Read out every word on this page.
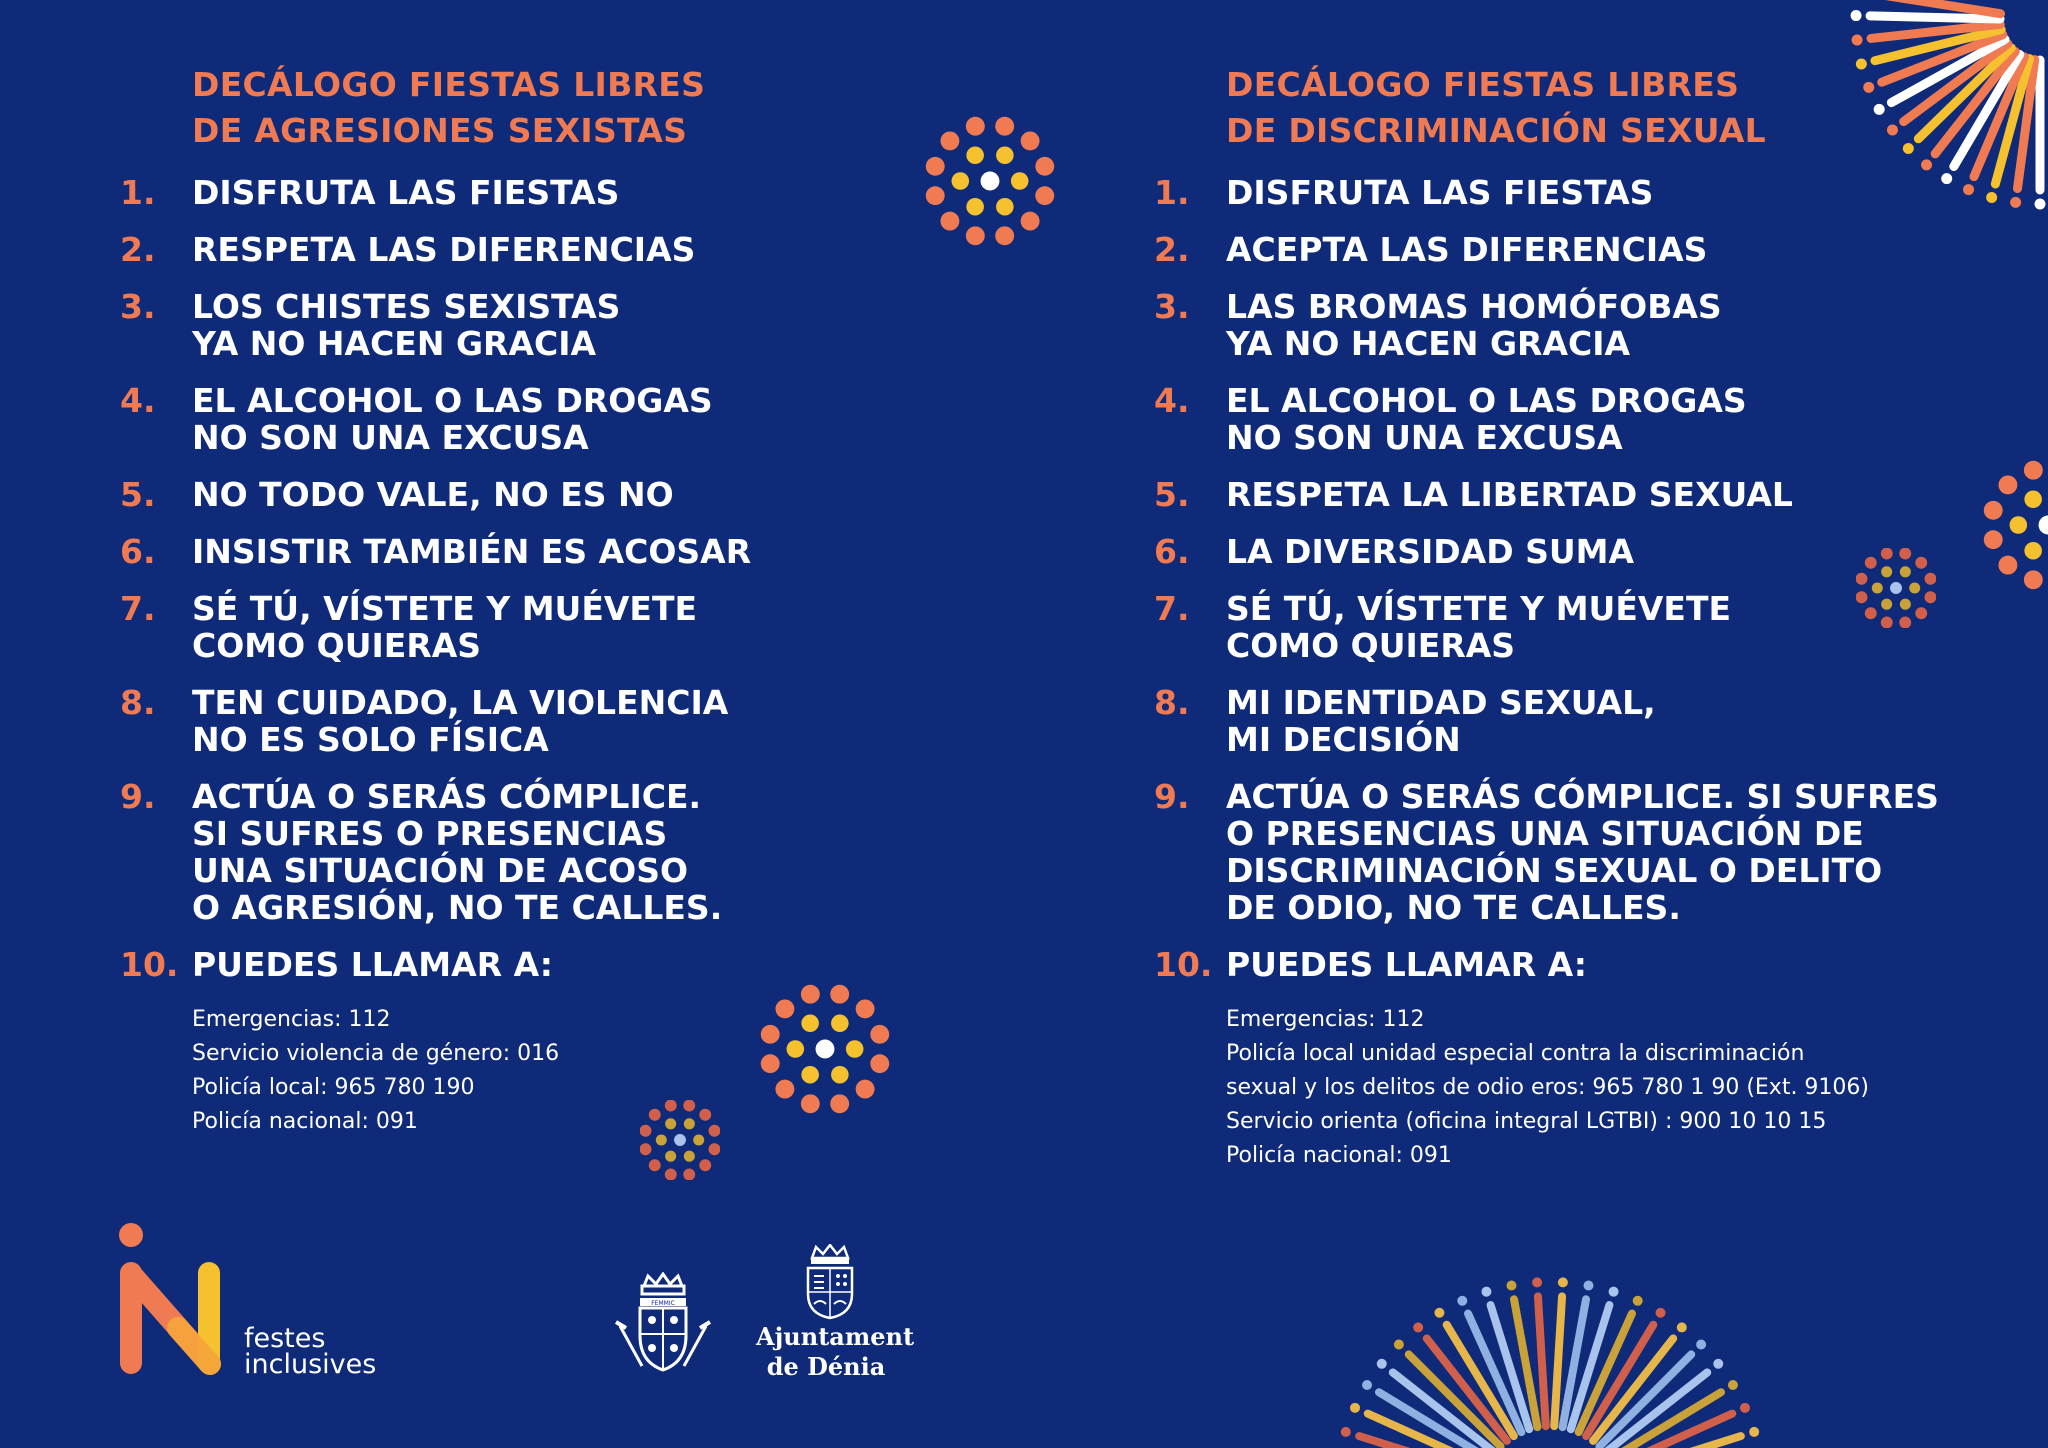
DECÁLOGO FIESTAS LIBRES
DE AGRESIONES SEXISTAS
1.	DISFRUTA LAS FIESTAS
2.	RESPETA LAS DIFERENCIAS
3.	LOS CHISTES SEXISTAS
YA NO HACEN GRACIA
4.	EL ALCOHOL O LAS DROGAS
NO SON UNA EXCUSA
5.	NO TODO VALE, NO ES NO
6.	INSISTIR TAMBIÉN ES ACOSAR
7.	SÉ TÚ, VÍSTETE Y MUÉVETE
COMO QUIERAS
8.	TEN CUIDADO, LA VIOLENCIA
NO ES SOLO FÍSICA
9.	ACTÚA O SERÁS CÓMPLICE.
SI SUFRES O PRESENCIAS
UNA SITUACIÓN DE ACOSO
O AGRESIÓN, NO TE CALLES.
10. PUEDES LLAMAR A:
Emergencias: 112
Servicio violencia de género: 016
Policía local: 965 780 190
Policía nacional: 091
DECÁLOGO FIESTAS LIBRES
DE DISCRIMINACIÓN SEXUAL
1.	DISFRUTA LAS FIESTAS
2.	ACEPTA LAS DIFERENCIAS
3.	LAS BROMAS HOMÓFOBAS
YA NO HACEN GRACIA
4.	EL ALCOHOL O LAS DROGAS
NO SON UNA EXCUSA
5.	RESPETA LA LIBERTAD SEXUAL
6.	LA DIVERSIDAD SUMA
7.	SÉ TÚ, VÍSTETE Y MUÉVETE
COMO QUIERAS
8.	MI IDENTIDAD SEXUAL,
MI DECISIÓN
9.	ACTÚA O SERÁS CÓMPLICE. SI SUFRES
O PRESENCIAS UNA SITUACIÓN DE
DISCRIMINACIÓN SEXUAL O DELITO
DE ODIO, NO TE CALLES.
10. PUEDES LLAMAR A:
Emergencias: 112
Policía local unidad especial contra la discriminación
sexual y los delitos de odio eros: 965 780 1 90 (Ext. 9106)
Servicio orienta (oficina integral LGTBI) : 900 10 10 15
Policía nacional: 091
festes
inclusives
FEMMIC
Ajuntament
de Dénia
